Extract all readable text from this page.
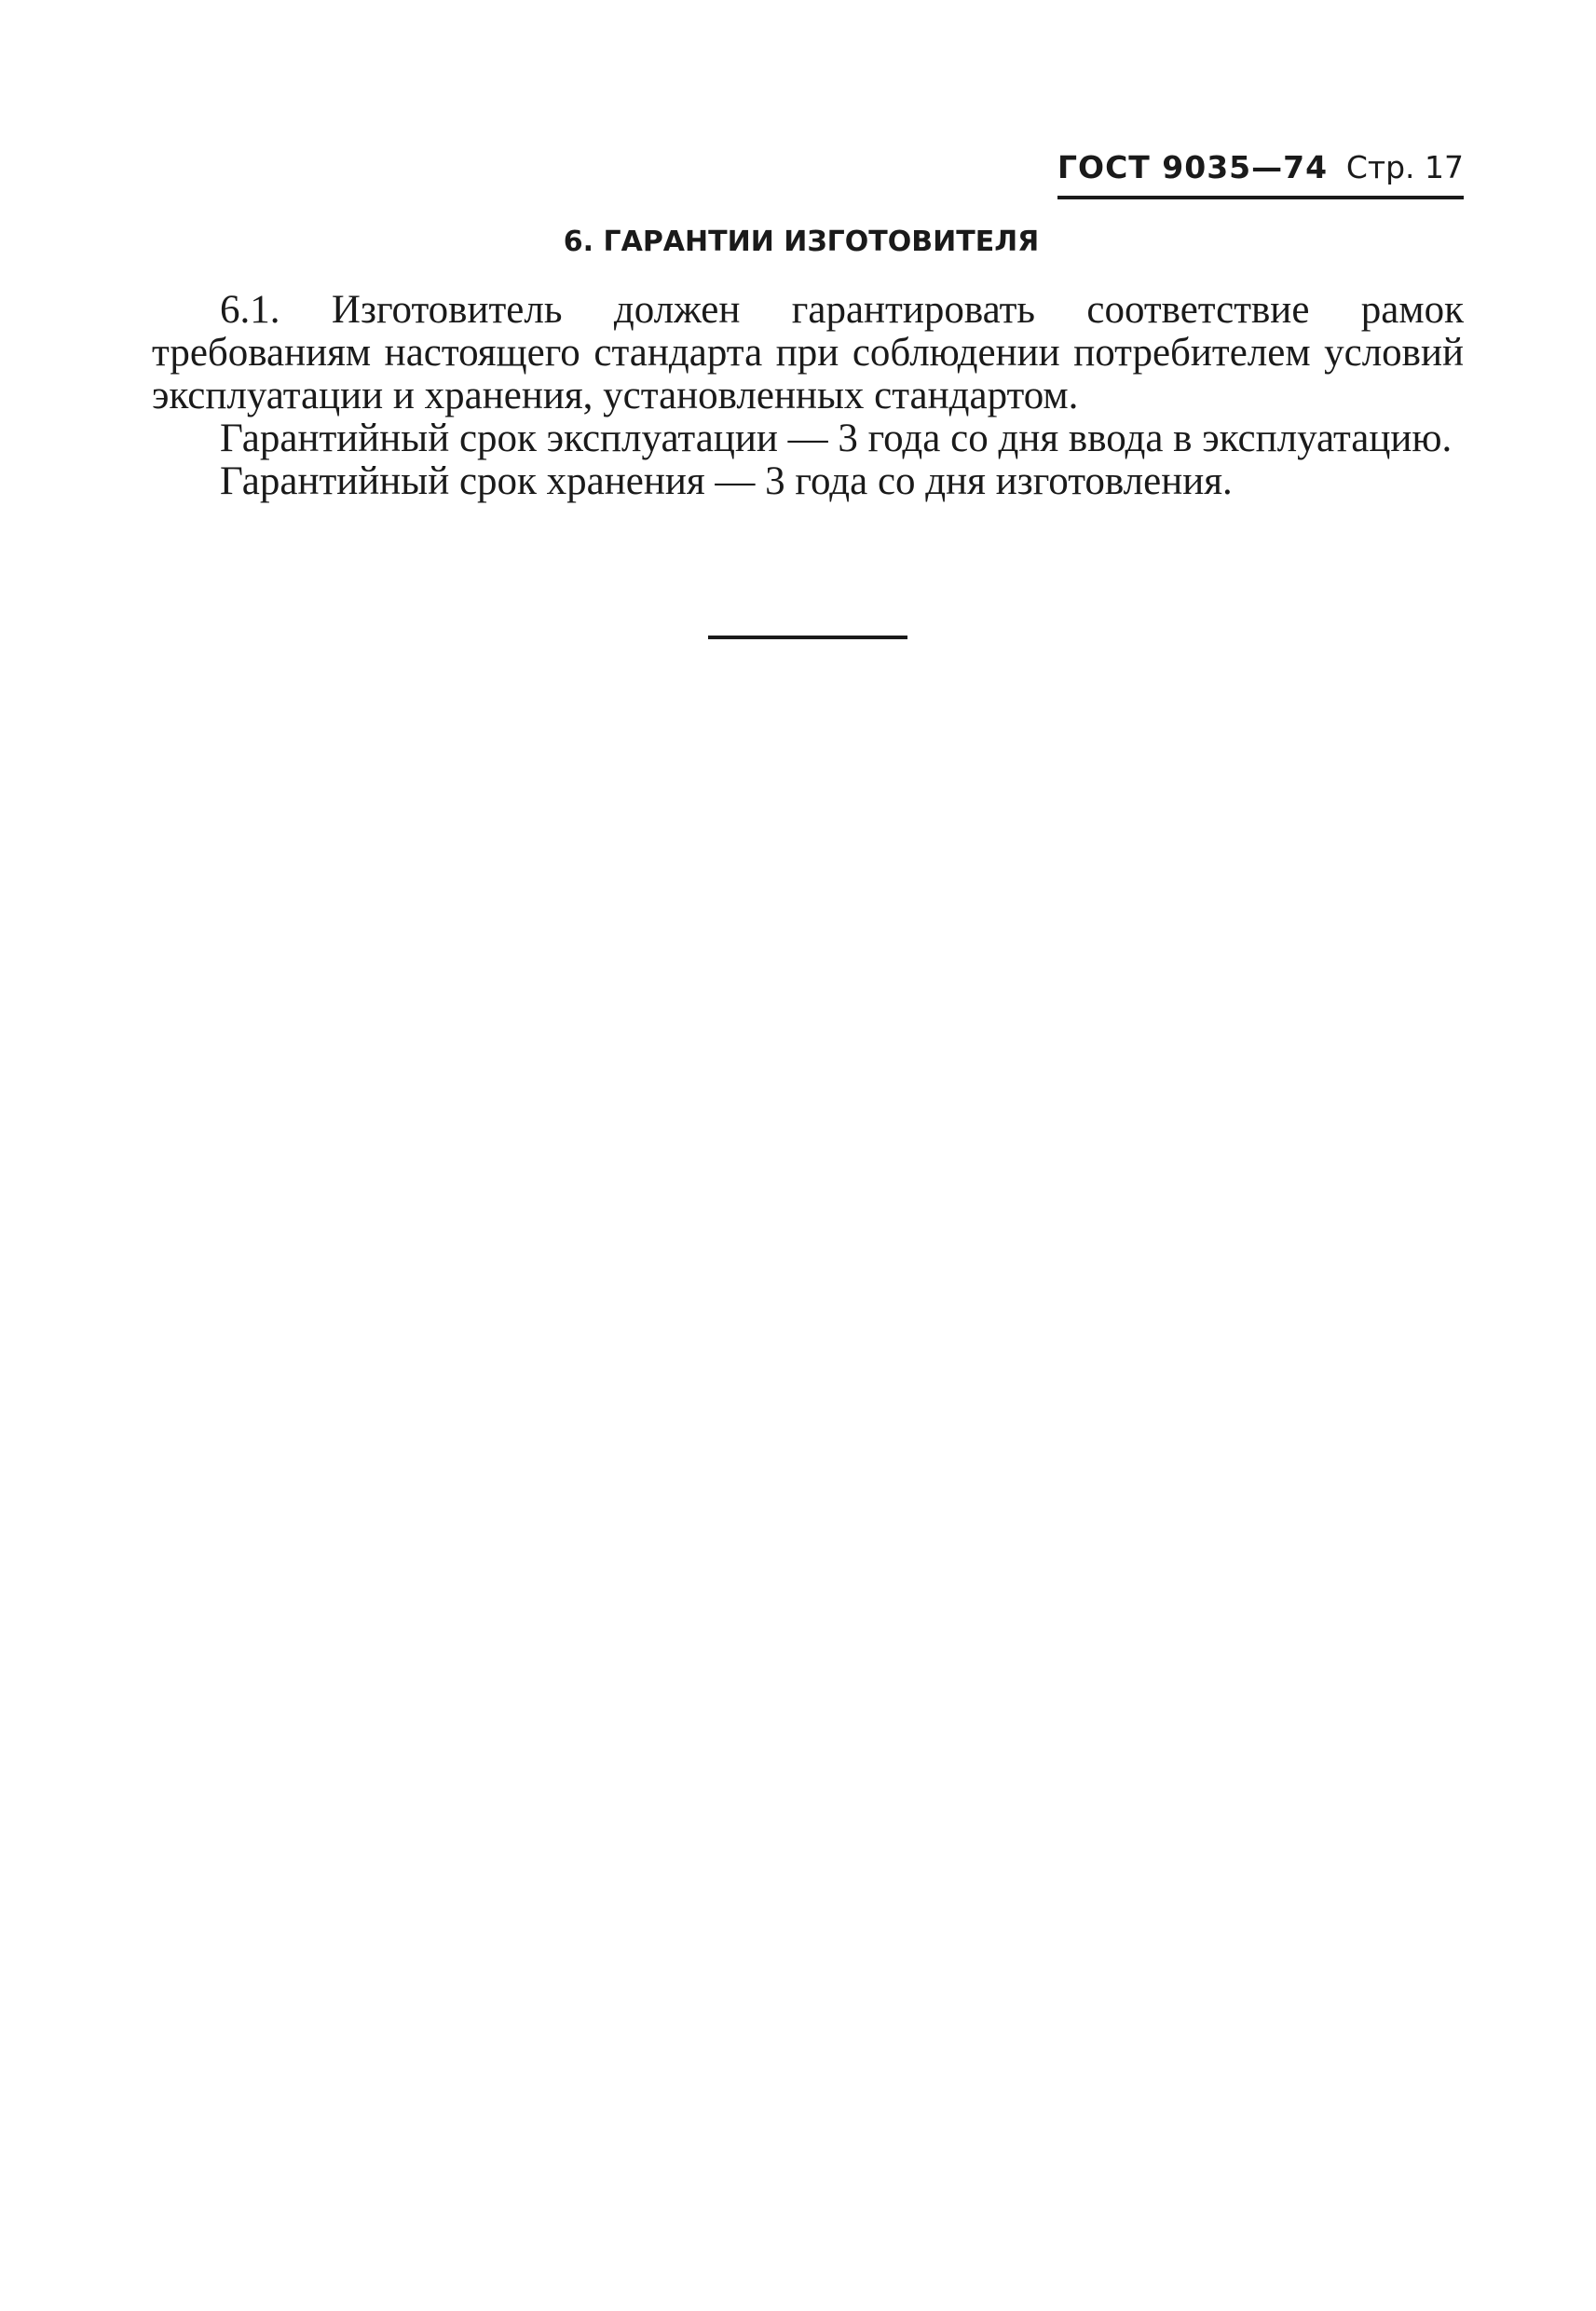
ГОСТ 9035—74 Стр. 17
6. ГАРАНТИИ ИЗГОТОВИТЕЛЯ

6.1. Изготовитель должен гарантировать соответствие рамок требованиям настоящего стандарта при соблюдении потребителем условий эксплуатации и хранения, установленных стандартом.

Гарантийный срок эксплуатации — 3 года со дня ввода в эксплуатацию.

Гарантийный срок хранения — 3 года со дня изготовления.
